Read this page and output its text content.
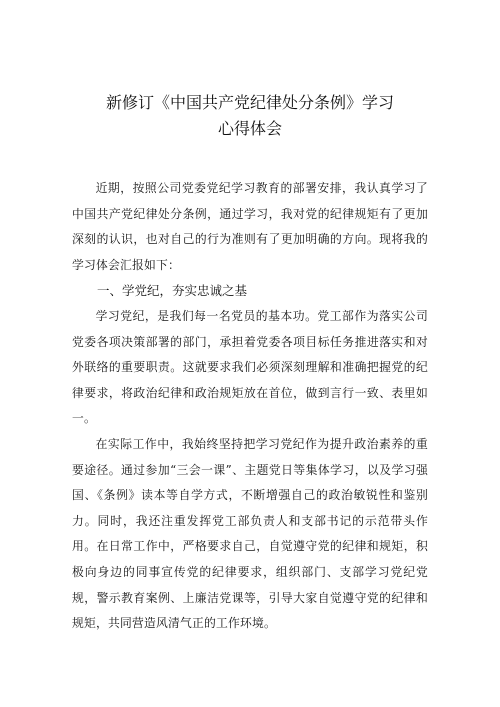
新修订《中国共产党纪律处分条例》学习
心得体会

近期，按照公司党委党纪学习教育的部署安排，我认真学习了中国共产党纪律处分条例，通过学习，我对党的纪律规矩有了更加深刻的认识，也对自己的行为准则有了更加明确的方向。现将我的学习体会汇报如下：

一、学党纪，夯实忠诚之基

学习党纪，是我们每一名党员的基本功。党工部作为落实公司党委各项决策部署的部门，承担着党委各项目标任务推进落实和对外联络的重要职责。这就要求我们必须深刻理解和准确把握党的纪律要求，将政治纪律和政治规矩放在首位，做到言行一致、表里如一。

在实际工作中，我始终坚持把学习党纪作为提升政治素养的重要途径。通过参加“三会一课”、主题党日等集体学习，以及学习强国、《条例》读本等自学方式，不断增强自己的政治敏锐性和鉴别力。同时，我还注重发挥党工部负责人和支部书记的示范带头作用。在日常工作中，严格要求自己，自觉遵守党的纪律和规矩，积极向身边的同事宣传党的纪律要求，组织部门、支部学习党纪党规，警示教育案例、上廉洁党课等，引导大家自觉遵守党的纪律和规矩，共同营造风清气正的工作环境。
